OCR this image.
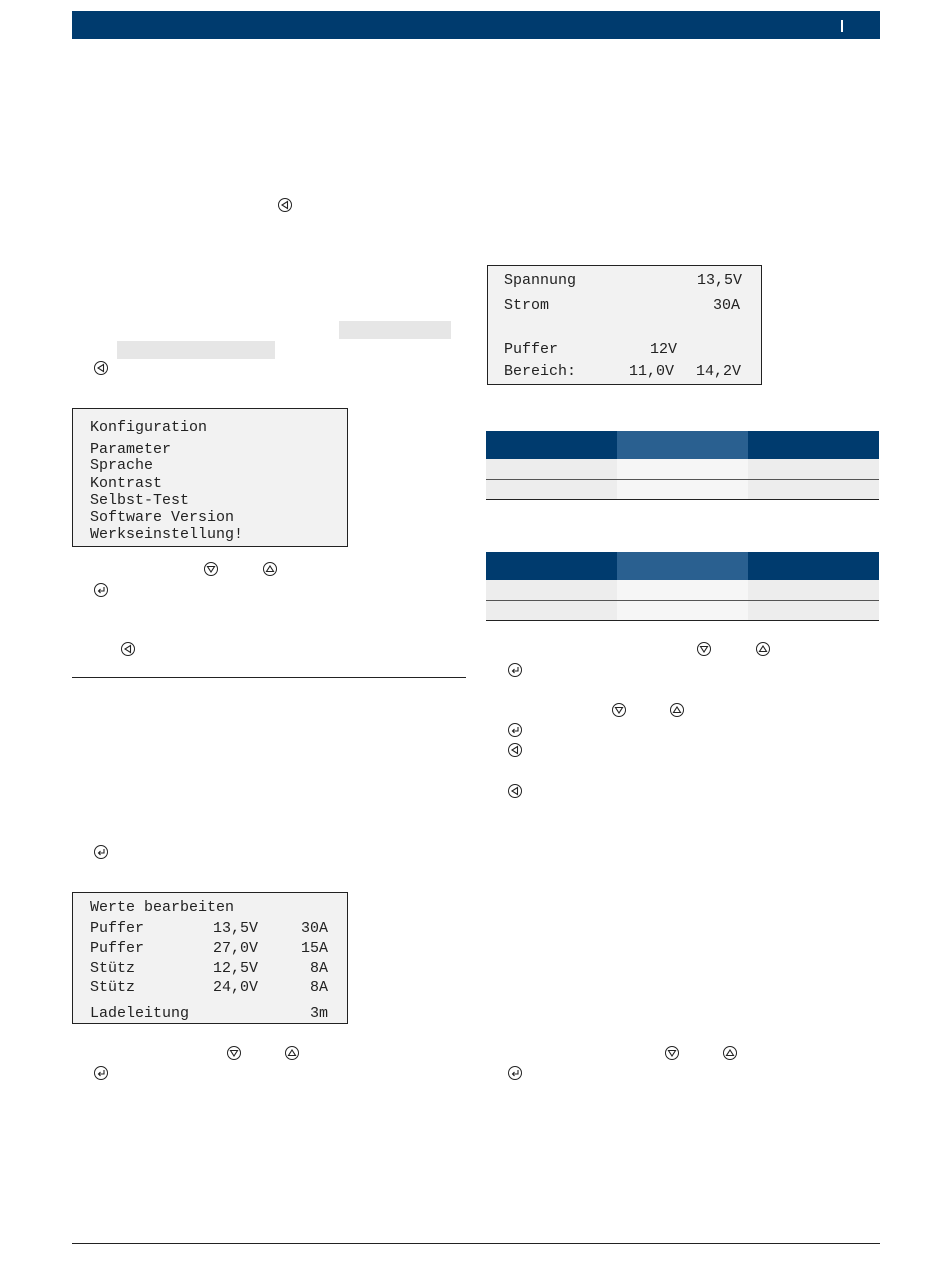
Konfiguration
Parameter
Sprache
Kontrast
Selbst-Test
Software Version
Werkseinstellung!
Werte bearbeiten
Puffer	13,5V	30A
Puffer	27,0V	15A
Stütz	12,5V	8A
Stütz	24,0V	8A
Ladeleitung	3m
Spannung	13,5V
Strom	30A
Puffer	12V
Bereich:	11,0V 14,2V
